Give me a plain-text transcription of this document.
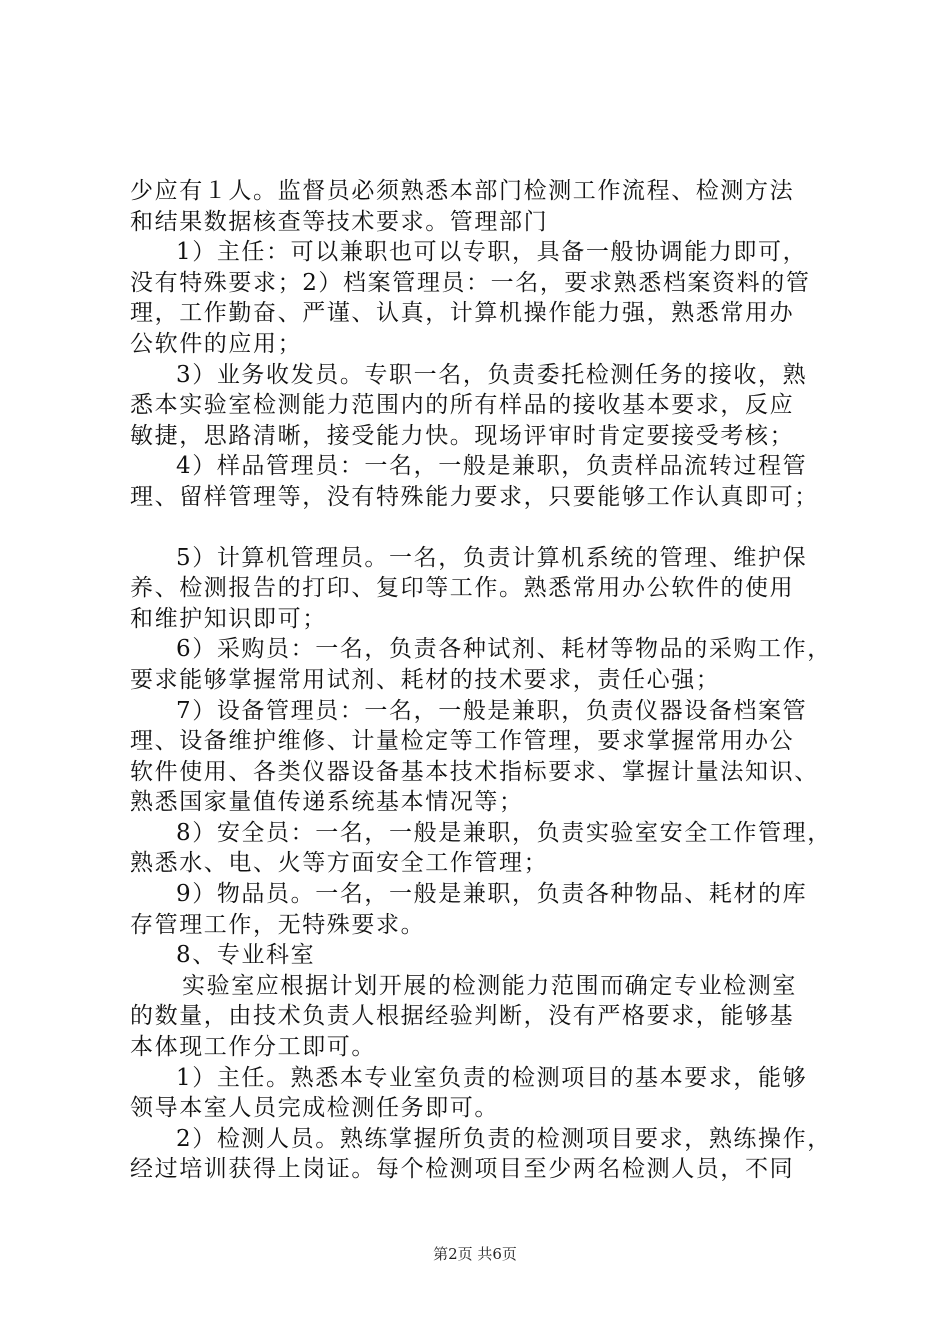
少应有１人。监督员必须熟悉本部门检测工作流程、检测方法
和结果数据核查等技术要求。管理部门
1）主任：可以兼职也可以专职，具备一般协调能力即可，
没有特殊要求；2）档案管理员：一名，要求熟悉档案资料的管
理，工作勤奋、严谨、认真，计算机操作能力强，熟悉常用办
公软件的应用；
3）业务收发员。专职一名，负责委托检测任务的接收，熟
悉本实验室检测能力范围内的所有样品的接收基本要求，反应
敏捷，思路清晰，接受能力快。现场评审时肯定要接受考核；
4）样品管理员：一名，一般是兼职，负责样品流转过程管
理、留样管理等，没有特殊能力要求，只要能够工作认真即可；
5）计算机管理员。一名，负责计算机系统的管理、维护保
养、检测报告的打印、复印等工作。熟悉常用办公软件的使用
和维护知识即可；
6）采购员：一名，负责各种试剂、耗材等物品的采购工作，
要求能够掌握常用试剂、耗材的技术要求，责任心强；
7）设备管理员：一名，一般是兼职，负责仪器设备档案管
理、设备维护维修、计量检定等工作管理，要求掌握常用办公
软件使用、各类仪器设备基本技术指标要求、掌握计量法知识、
熟悉国家量值传递系统基本情况等；
8）安全员：一名，一般是兼职，负责实验室安全工作管理，
熟悉水、电、火等方面安全工作管理；
9）物品员。一名，一般是兼职，负责各种物品、耗材的库
存管理工作，无特殊要求。
8、专业科室
实验室应根据计划开展的检测能力范围而确定专业检测室
的数量，由技术负责人根据经验判断，没有严格要求，能够基
本体现工作分工即可。
1）主任。熟悉本专业室负责的检测项目的基本要求，能够
领导本室人员完成检测任务即可。
2）检测人员。熟练掌握所负责的检测项目要求，熟练操作，
经过培训获得上岗证。每个检测项目至少两名检测人员，不同
第2页 共6页
